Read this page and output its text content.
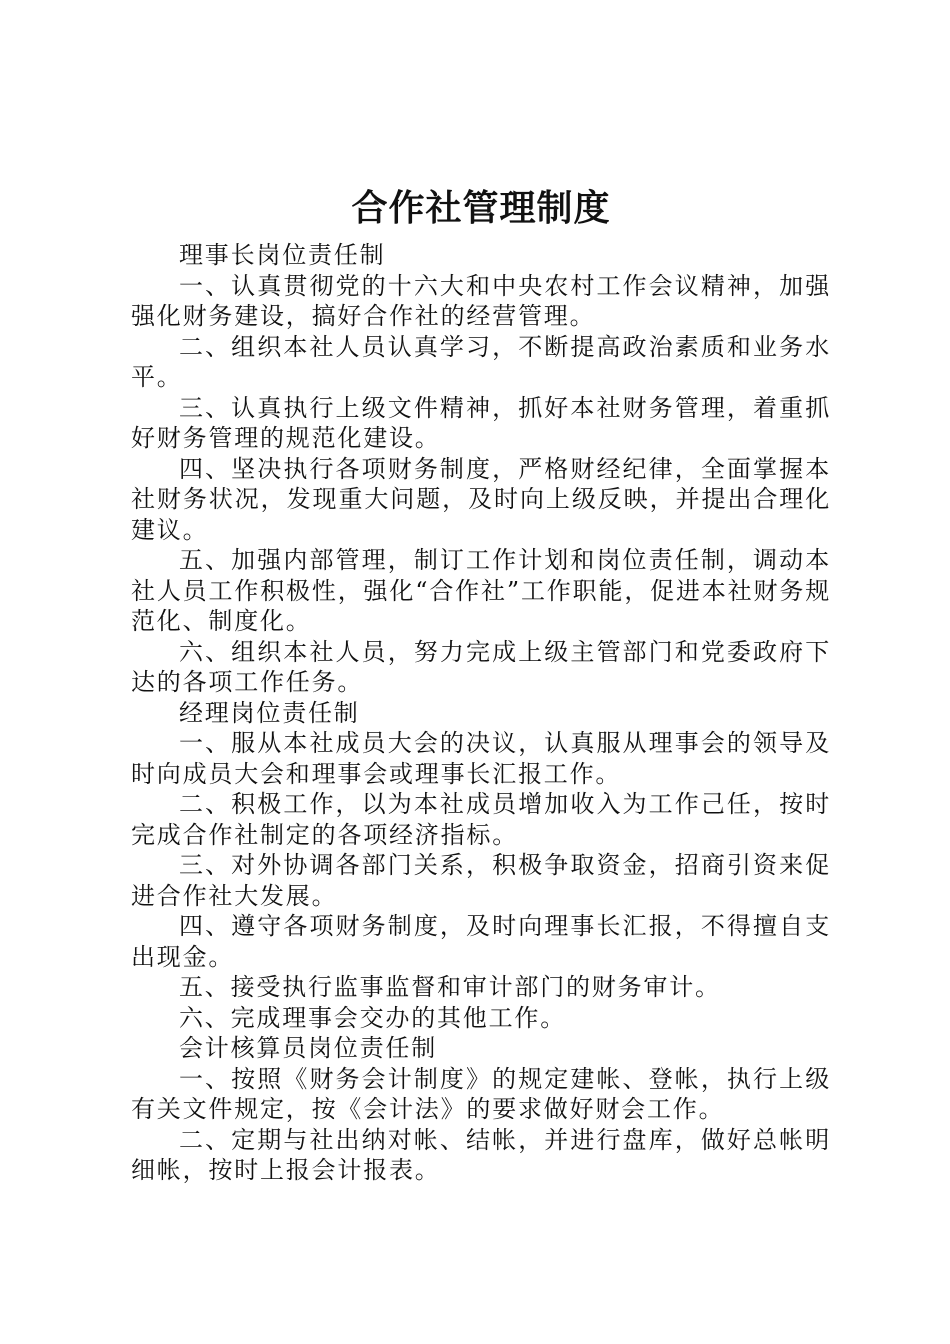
合作社管理制度

理事长岗位责任制

一、认真贯彻党的十六大和中央农村工作会议精神，加强强化财务建设，搞好合作社的经营管理。

二、组织本社人员认真学习，不断提高政治素质和业务水平。

三、认真执行上级文件精神，抓好本社财务管理，着重抓好财务管理的规范化建设。

四、坚决执行各项财务制度，严格财经纪律，全面掌握本社财务状况，发现重大问题，及时向上级反映，并提出合理化建议。

五、加强内部管理，制订工作计划和岗位责任制，调动本社人员工作积极性，强化“合作社”工作职能，促进本社财务规范化、制度化。

六、组织本社人员，努力完成上级主管部门和党委政府下达的各项工作任务。

经理岗位责任制

一、服从本社成员大会的决议，认真服从理事会的领导及时向成员大会和理事会或理事长汇报工作。

二、积极工作，以为本社成员增加收入为工作己任，按时完成合作社制定的各项经济指标。

三、对外协调各部门关系，积极争取资金，招商引资来促进合作社大发展。

四、遵守各项财务制度，及时向理事长汇报，不得擅自支出现金。

五、接受执行监事监督和审计部门的财务审计。

六、完成理事会交办的其他工作。

会计核算员岗位责任制

一、按照《财务会计制度》的规定建帐、登帐，执行上级有关文件规定，按《会计法》的要求做好财会工作。

二、定期与社出纳对帐、结帐，并进行盘库，做好总帐明细帐，按时上报会计报表。
